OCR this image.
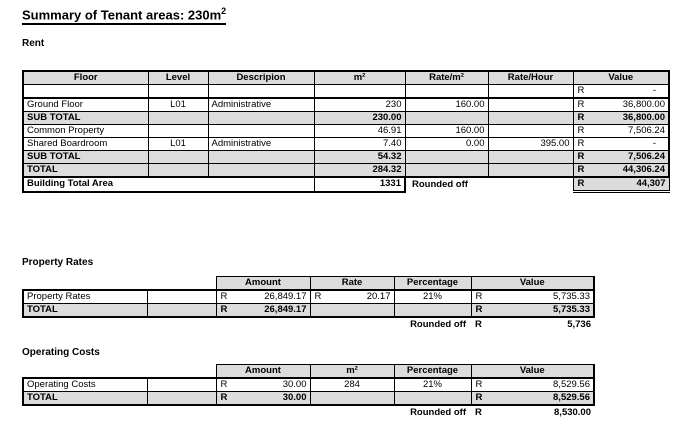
Summary of Tenant areas: $230m^2$
Rent
Floor	Level	Descripion	m²	Rate/m²	Rate/Hour	Value

						R -

Ground Floor	L01	Administrative	230	160.00		R 36,800.00

SUB TOTAL			230.00			R 36,800.00

Common Property			46.91	160.00		R 7,506.24

Shared Boardroom	L01	Administrative	7.40	0.00	395.00	R -

SUB TOTAL			54.32			R 7,506.24

TOTAL			284.32			R 44,306.24

Building Total Area			1331	Rounded off		R 44,307
Property Rates
		Amount	Rate	Percentage	Value
Property Rates		R 26,849.17	R 20.17	21%	R 5,735.33

TOTAL		R 26,849.17			R 5,735.33

Rounded off					R 5,736
Operating Costs
		Amount	m²	Percentage	Value
Operating Costs		R 30.00	284	21%	R 8,529.56

TOTAL		R 30.00			R 8,529.56

Rounded off					R 8,530.00
